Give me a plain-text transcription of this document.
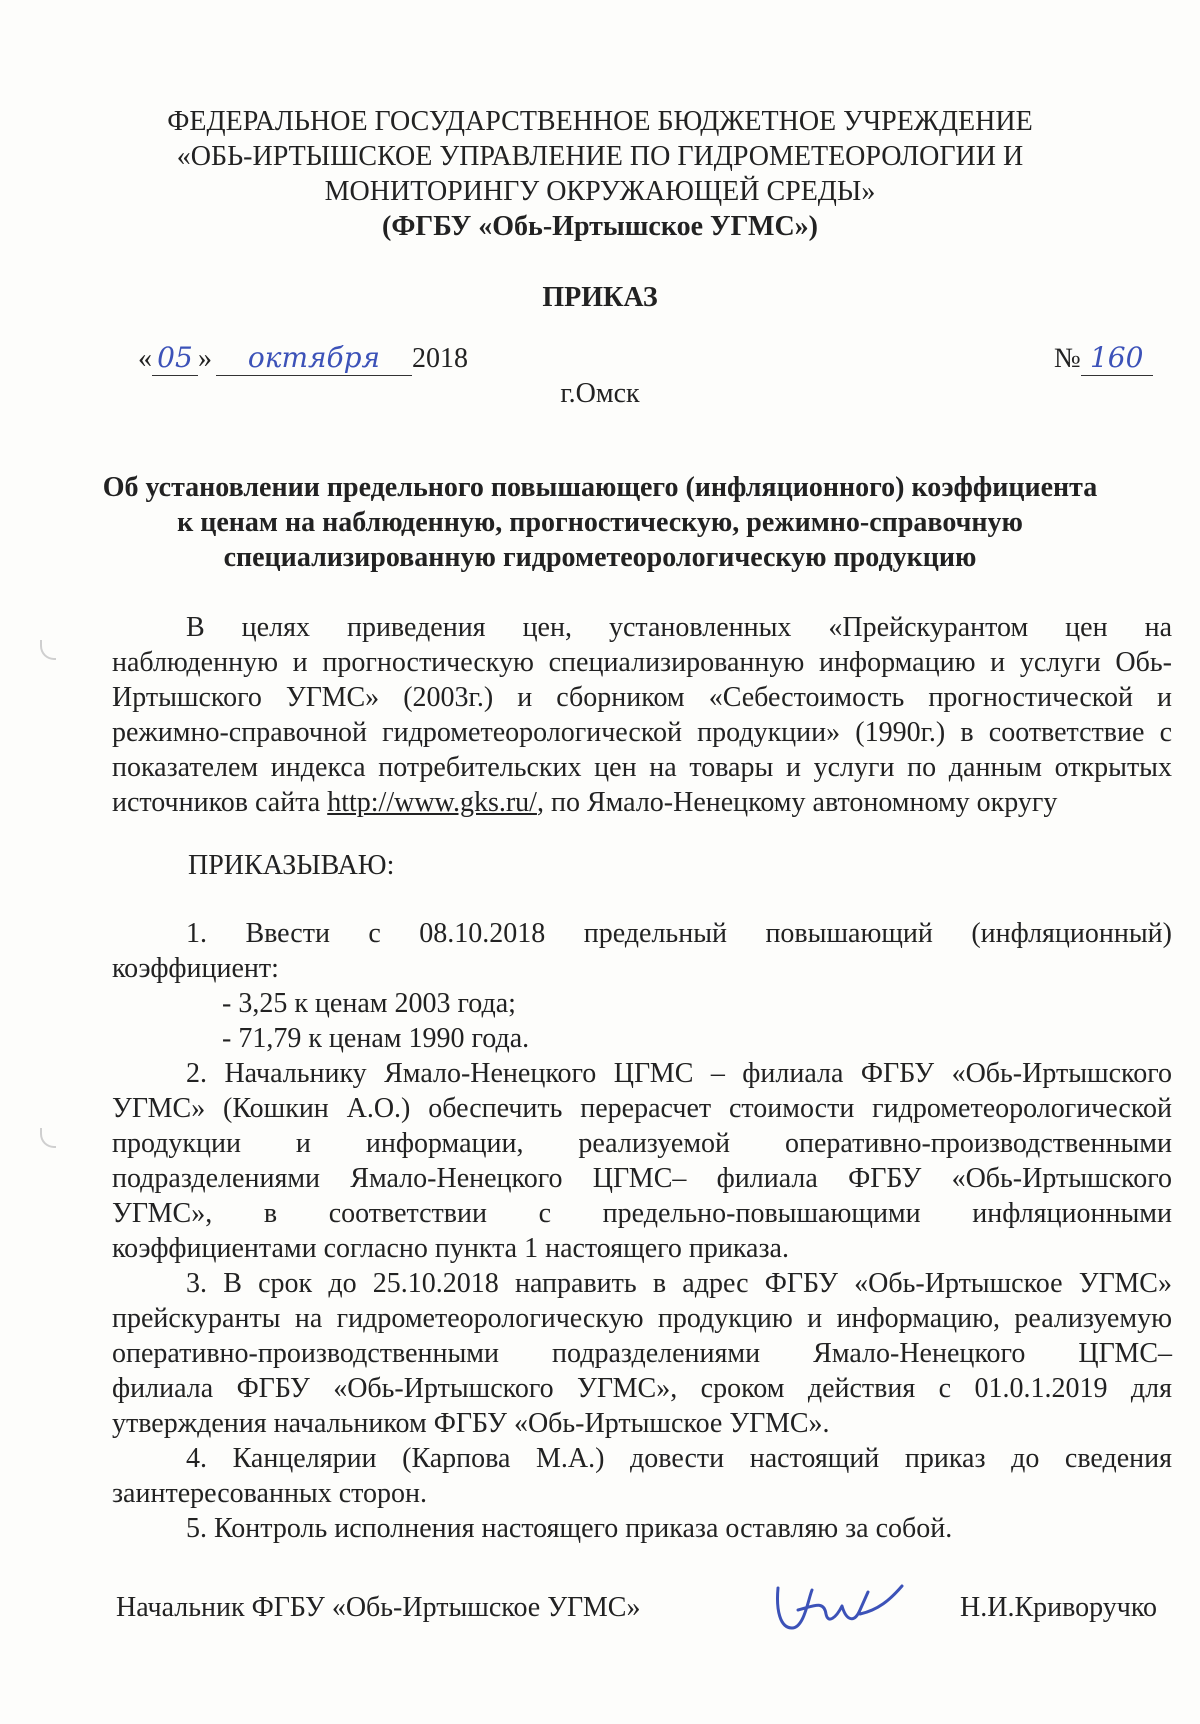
ФЕДЕРАЛЬНОЕ ГОСУДАРСТВЕННОЕ БЮДЖЕТНОЕ УЧРЕЖДЕНИЕ
«ОБЬ-ИРТЫШСКОЕ УПРАВЛЕНИЕ ПО ГИДРОМЕТЕОРОЛОГИИ И
МОНИТОРИНГУ ОКРУЖАЮЩЕЙ СРЕДЫ»
(ФГБУ «Обь-Иртышское УГМС»)
ПРИКАЗ
« 05 » октября 2018	№ 160
г.Омск
Об установлении предельного повышающего (инфляционного) коэффициента
к ценам на наблюденную, прогностическую, режимно-справочную
специализированную гидрометеорологическую продукцию
В целях приведения цен, установленных «Прейскурантом цен на
наблюденную и прогностическую специализированную информацию и услуги Обь-
Иртышского УГМС» (2003г.) и сборником «Себестоимость прогностической и
режимно-справочной гидрометеорологической продукции» (1990г.) в соответствие с
показателем индекса потребительских цен на товары и услуги по данным открытых
источников сайта http://www.gks.ru/, по Ямало-Ненецкому автономному округу
ПРИКАЗЫВАЮ:
1. Ввести с 08.10.2018 предельный повышающий (инфляционный)
коэффициент:
- 3,25 к ценам 2003 года;
- 71,79 к ценам 1990 года.
2. Начальнику Ямало-Ненецкого ЦГМС – филиала ФГБУ «Обь-Иртышского
УГМС» (Кошкин А.О.) обеспечить перерасчет стоимости гидрометеорологической
продукции и информации, реализуемой оперативно-производственными
подразделениями Ямало-Ненецкого ЦГМС– филиала ФГБУ «Обь-Иртышского
УГМС», в соответствии с предельно-повышающими инфляционными
коэффициентами согласно пункта 1 настоящего приказа.
3. В срок до 25.10.2018 направить в адрес ФГБУ «Обь-Иртышское УГМС»
прейскуранты на гидрометеорологическую продукцию и информацию, реализуемую
оперативно-производственными подразделениями Ямало-Ненецкого ЦГМС–
филиала ФГБУ «Обь-Иртышского УГМС», сроком действия с 01.0.1.2019 для
утверждения начальником ФГБУ «Обь-Иртышское УГМС».
4. Канцелярии (Карпова М.А.) довести настоящий приказ до сведения
заинтересованных сторон.
5. Контроль исполнения настоящего приказа оставляю за собой.
Начальник ФГБУ «Обь-Иртышское УГМС»	Н.И.Криворучко
